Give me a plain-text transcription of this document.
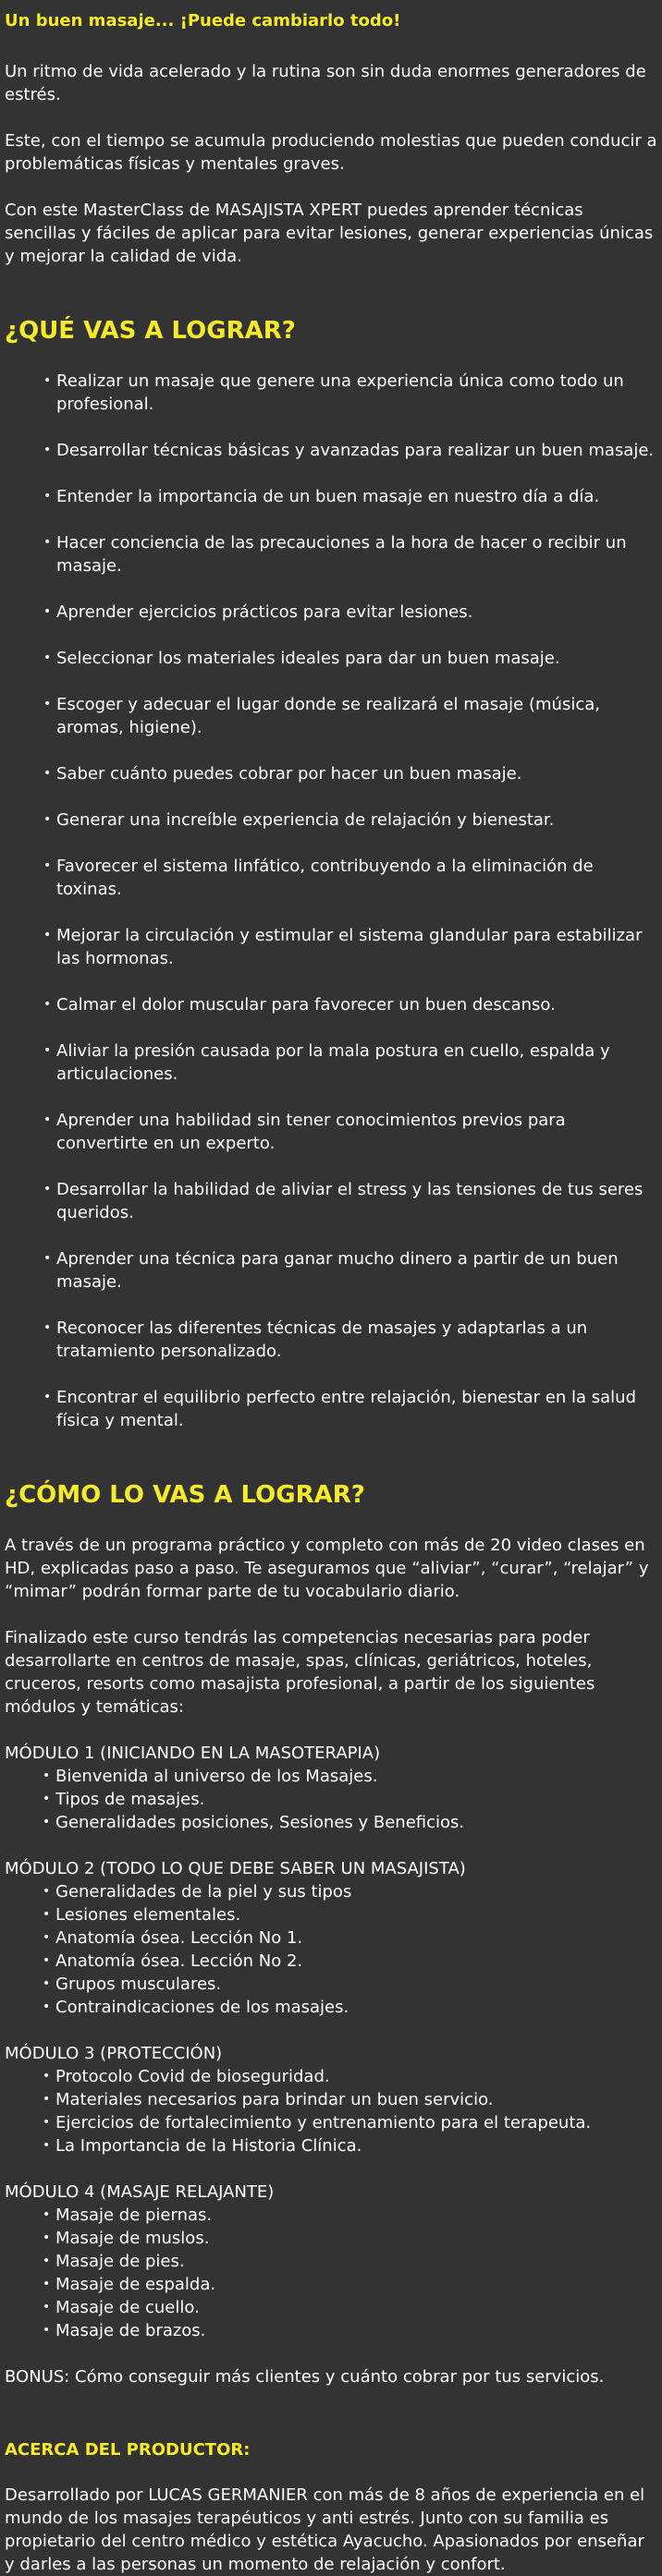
Un buen masaje... ¡Puede cambiarlo todo!

Un ritmo de vida acelerado y la rutina son sin duda enormes generadores de estrés.

Este, con el tiempo se acumula produciendo molestias que pueden conducir a problemáticas físicas y mentales graves.

Con este MasterClass de MASAJISTA XPERT puedes aprender técnicas sencillas y fáciles de aplicar para evitar lesiones, generar experiencias únicas y mejorar la calidad de vida.

¿QUÉ VAS A LOGRAR?
• Realizar un masaje que genere una experiencia única como todo un profesional.
• Desarrollar técnicas básicas y avanzadas para realizar un buen masaje.
• Entender la importancia de un buen masaje en nuestro día a día.
• Hacer conciencia de las precauciones a la hora de hacer o recibir un masaje.
• Aprender ejercicios prácticos para evitar lesiones.
• Seleccionar los materiales ideales para dar un buen masaje.
• Escoger y adecuar el lugar donde se realizará el masaje (música, aromas, higiene).
• Saber cuánto puedes cobrar por hacer un buen masaje.
• Generar una increíble experiencia de relajación y bienestar.
• Favorecer el sistema linfático, contribuyendo a la eliminación de toxinas.
• Mejorar la circulación y estimular el sistema glandular para estabilizar las hormonas.
• Calmar el dolor muscular para favorecer un buen descanso.
• Aliviar la presión causada por la mala postura en cuello, espalda y articulaciones.
• Aprender una habilidad sin tener conocimientos previos para convertirte en un experto.
• Desarrollar la habilidad de aliviar el stress y las tensiones de tus seres queridos.
• Aprender una técnica para ganar mucho dinero a partir de un buen masaje.
• Reconocer las diferentes técnicas de masajes y adaptarlas a un tratamiento personalizado.
• Encontrar el equilibrio perfecto entre relajación, bienestar en la salud física y mental.
¿CÓMO LO VAS A LOGRAR?

A través de un programa práctico y completo con más de 20 video clases en HD, explicadas paso a paso. Te aseguramos que “aliviar”, “curar”, “relajar” y “mimar” podrán formar parte de tu vocabulario diario.

Finalizado este curso tendrás las competencias necesarias para poder desarrollarte en centros de masaje, spas, clínicas, geriátricos, hoteles, cruceros, resorts como masajista profesional, a partir de los siguientes módulos y temáticas:

MÓDULO 1 (INICIANDO EN LA MASOTERAPIA)
• Bienvenida al universo de los Masajes.
• Tipos de masajes.
• Generalidades posiciones, Sesiones y Beneficios.
MÓDULO 2 (TODO LO QUE DEBE SABER UN MASAJISTA)
• Generalidades de la piel y sus tipos
• Lesiones elementales.
• Anatomía ósea. Lección No 1.
• Anatomía ósea. Lección No 2.
• Grupos musculares.
• Contraindicaciones de los masajes.
MÓDULO 3 (PROTECCIÓN)
• Protocolo Covid de bioseguridad.
• Materiales necesarios para brindar un buen servicio.
• Ejercicios de fortalecimiento y entrenamiento para el terapeuta.
• La Importancia de la Historia Clínica.
MÓDULO 4 (MASAJE RELAJANTE)
• Masaje de piernas.
• Masaje de muslos.
• Masaje de pies.
• Masaje de espalda.
• Masaje de cuello.
• Masaje de brazos.

BONUS: Cómo conseguir más clientes y cuánto cobrar por tus servicios.

ACERCA DEL PRODUCTOR:

Desarrollado por LUCAS GERMANIER con más de 8 años de experiencia en el mundo de los masajes terapéuticos y anti estrés. Junto con su familia es propietario del centro médico y estética Ayacucho. Apasionados por enseñar y darles a las personas un momento de relajación y confort.
